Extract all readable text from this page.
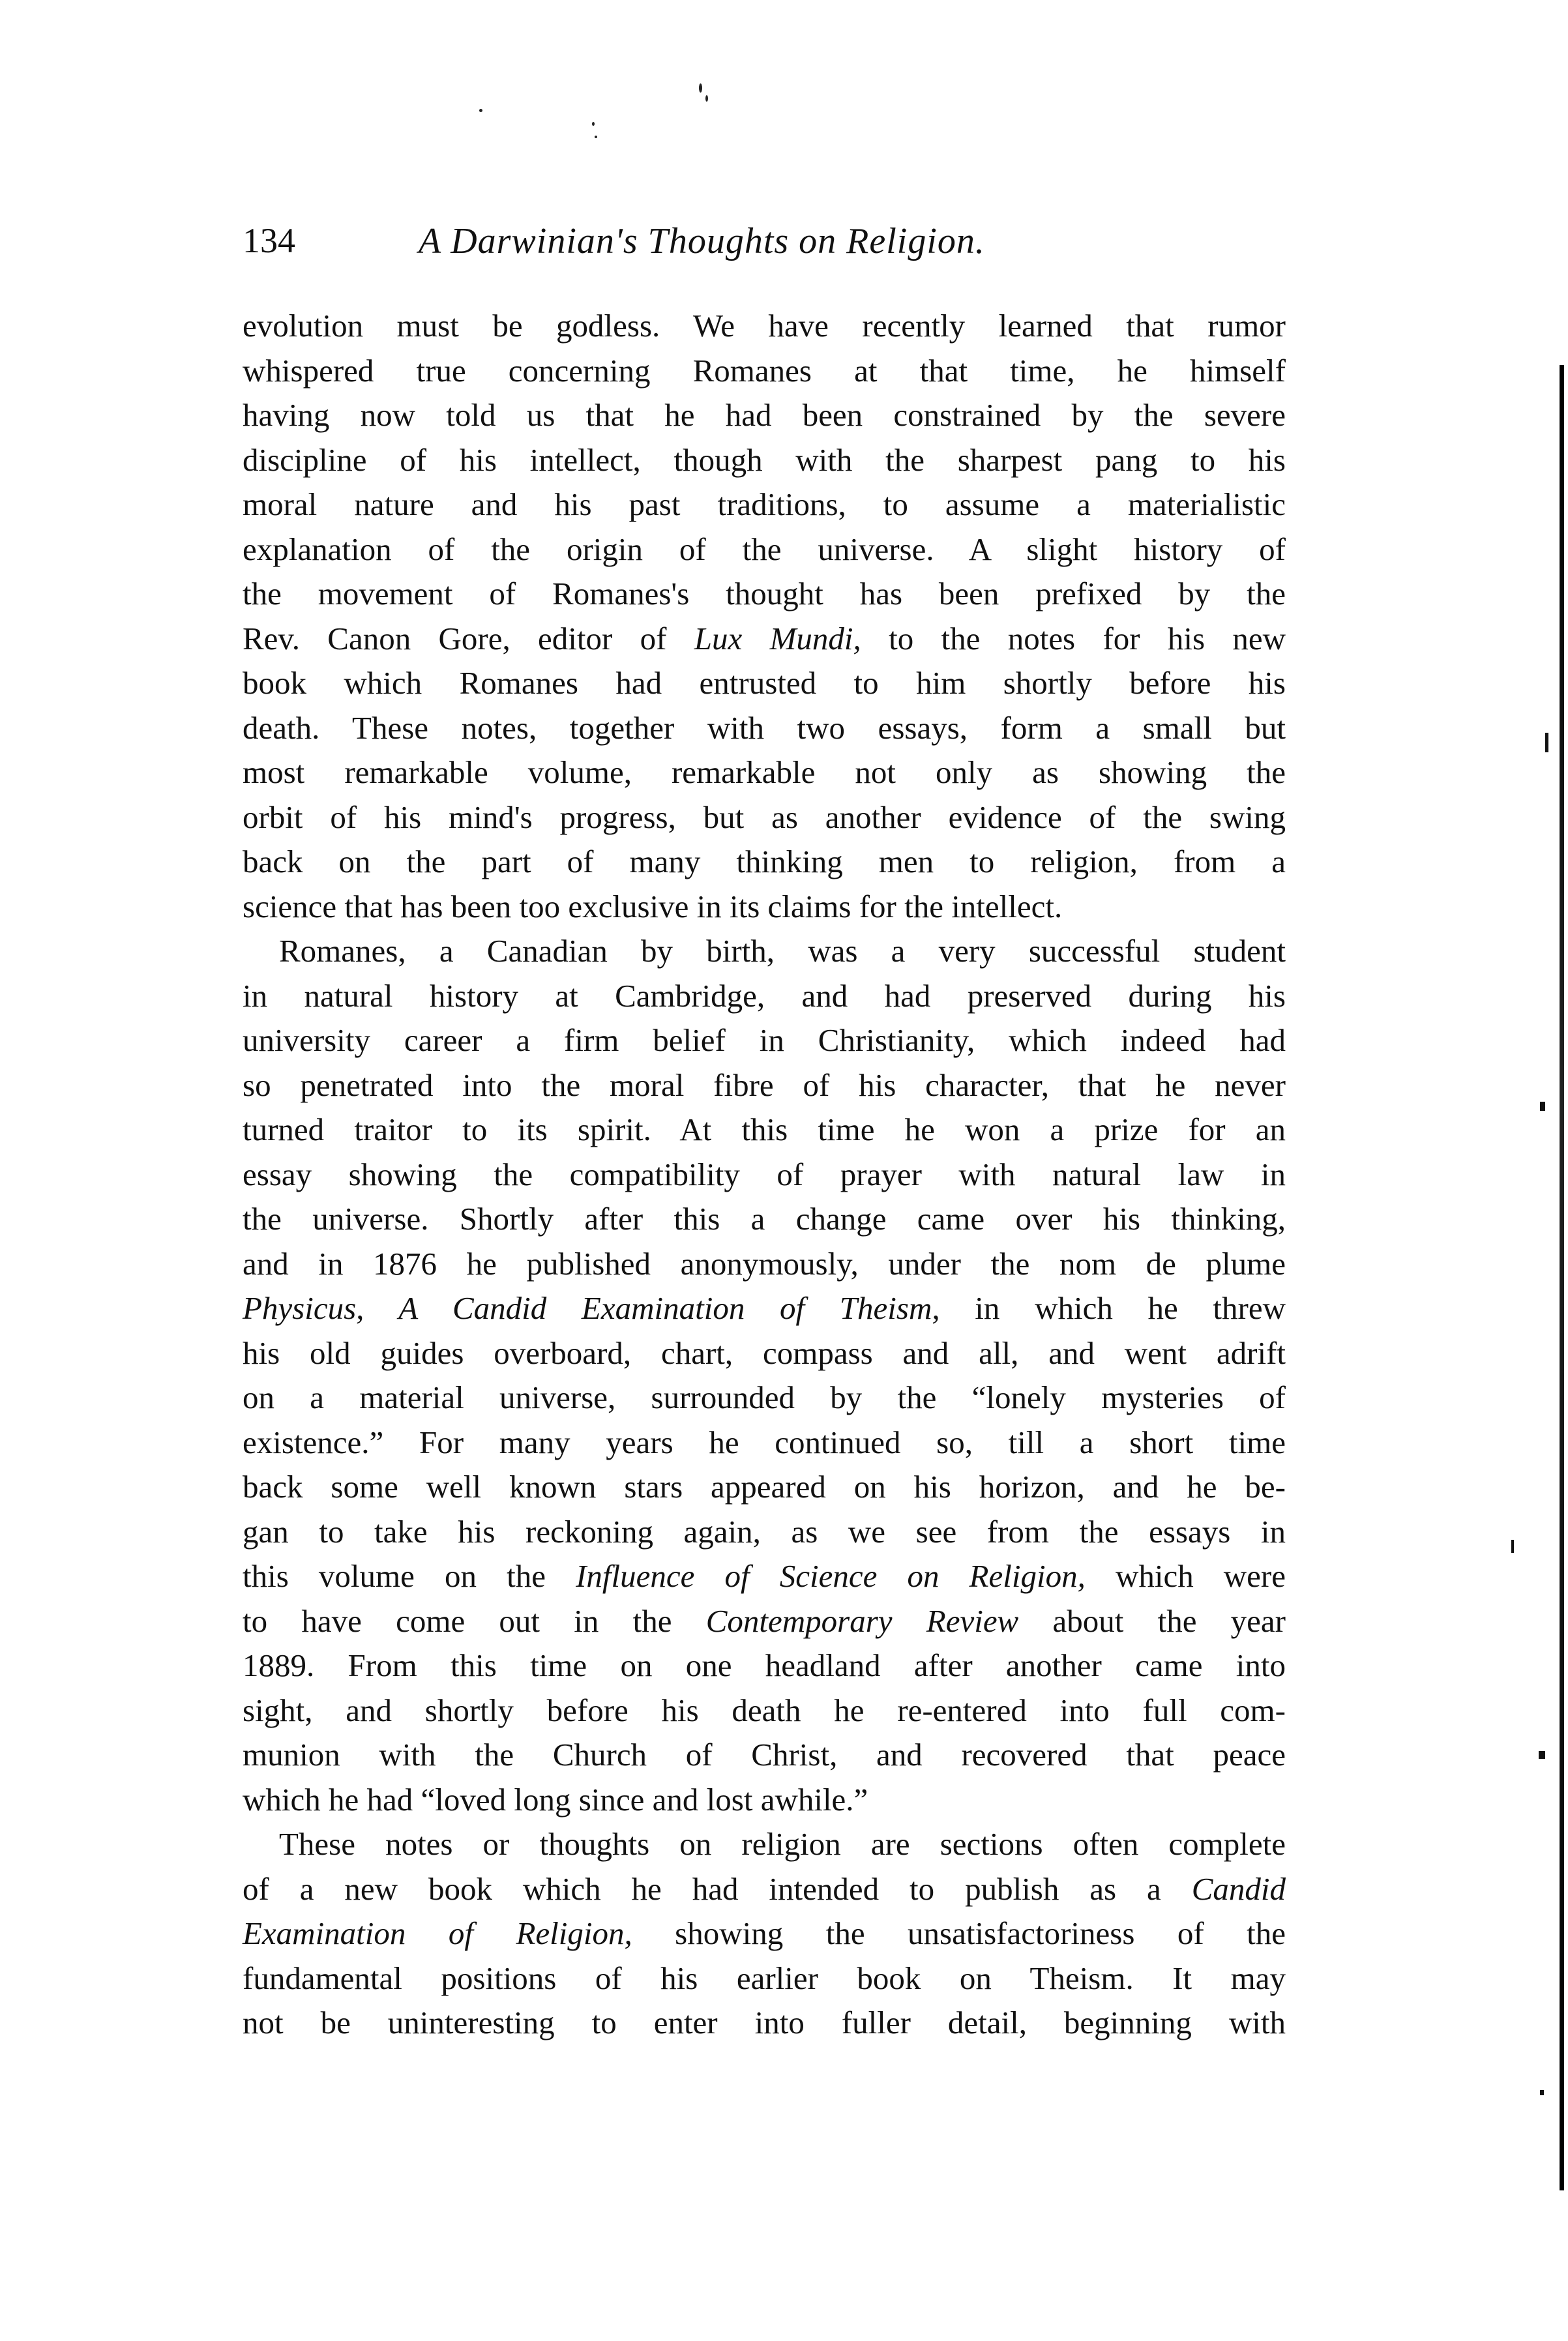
134	A Darwinian's Thoughts on Religion.
evolution must be godless. We have recently learned that rumor
whispered true concerning Romanes at that time, he himself
having now told us that he had been constrained by the severe
discipline of his intellect, though with the sharpest pang to his
moral nature and his past traditions, to assume a materialistic
explanation of the origin of the universe. A slight history of
the movement of Romanes's thought has been prefixed by the
Rev. Canon Gore, editor of Lux Mundi, to the notes for his new
book which Romanes had entrusted to him shortly before his
death. These notes, together with two essays, form a small but
most remarkable volume, remarkable not only as showing the
orbit of his mind's progress, but as another evidence of the swing
back on the part of many thinking men to religion, from a
science that has been too exclusive in its claims for the intellect.
Romanes, a Canadian by birth, was a very successful student
in natural history at Cambridge, and had preserved during his
university career a firm belief in Christianity, which indeed had
so penetrated into the moral fibre of his character, that he never
turned traitor to its spirit. At this time he won a prize for an
essay showing the compatibility of prayer with natural law in
the universe. Shortly after this a change came over his thinking,
and in 1876 he published anonymously, under the nom de plume
Physicus, A Candid Examination of Theism, in which he threw
his old guides overboard, chart, compass and all, and went adrift
on a material universe, surrounded by the “lonely mysteries of
existence.” For many years he continued so, till a short time
back some well known stars appeared on his horizon, and he be-
gan to take his reckoning again, as we see from the essays in
this volume on the Influence of Science on Religion, which were
to have come out in the Contemporary Review about the year
1889. From this time on one headland after another came into
sight, and shortly before his death he re-entered into full com-
munion with the Church of Christ, and recovered that peace
which he had “loved long since and lost awhile.”
These notes or thoughts on religion are sections often complete
of a new book which he had intended to publish as a Candid
Examination of Religion, showing the unsatisfactoriness of the
fundamental positions of his earlier book on Theism. It may
not be uninteresting to enter into fuller detail, beginning with
